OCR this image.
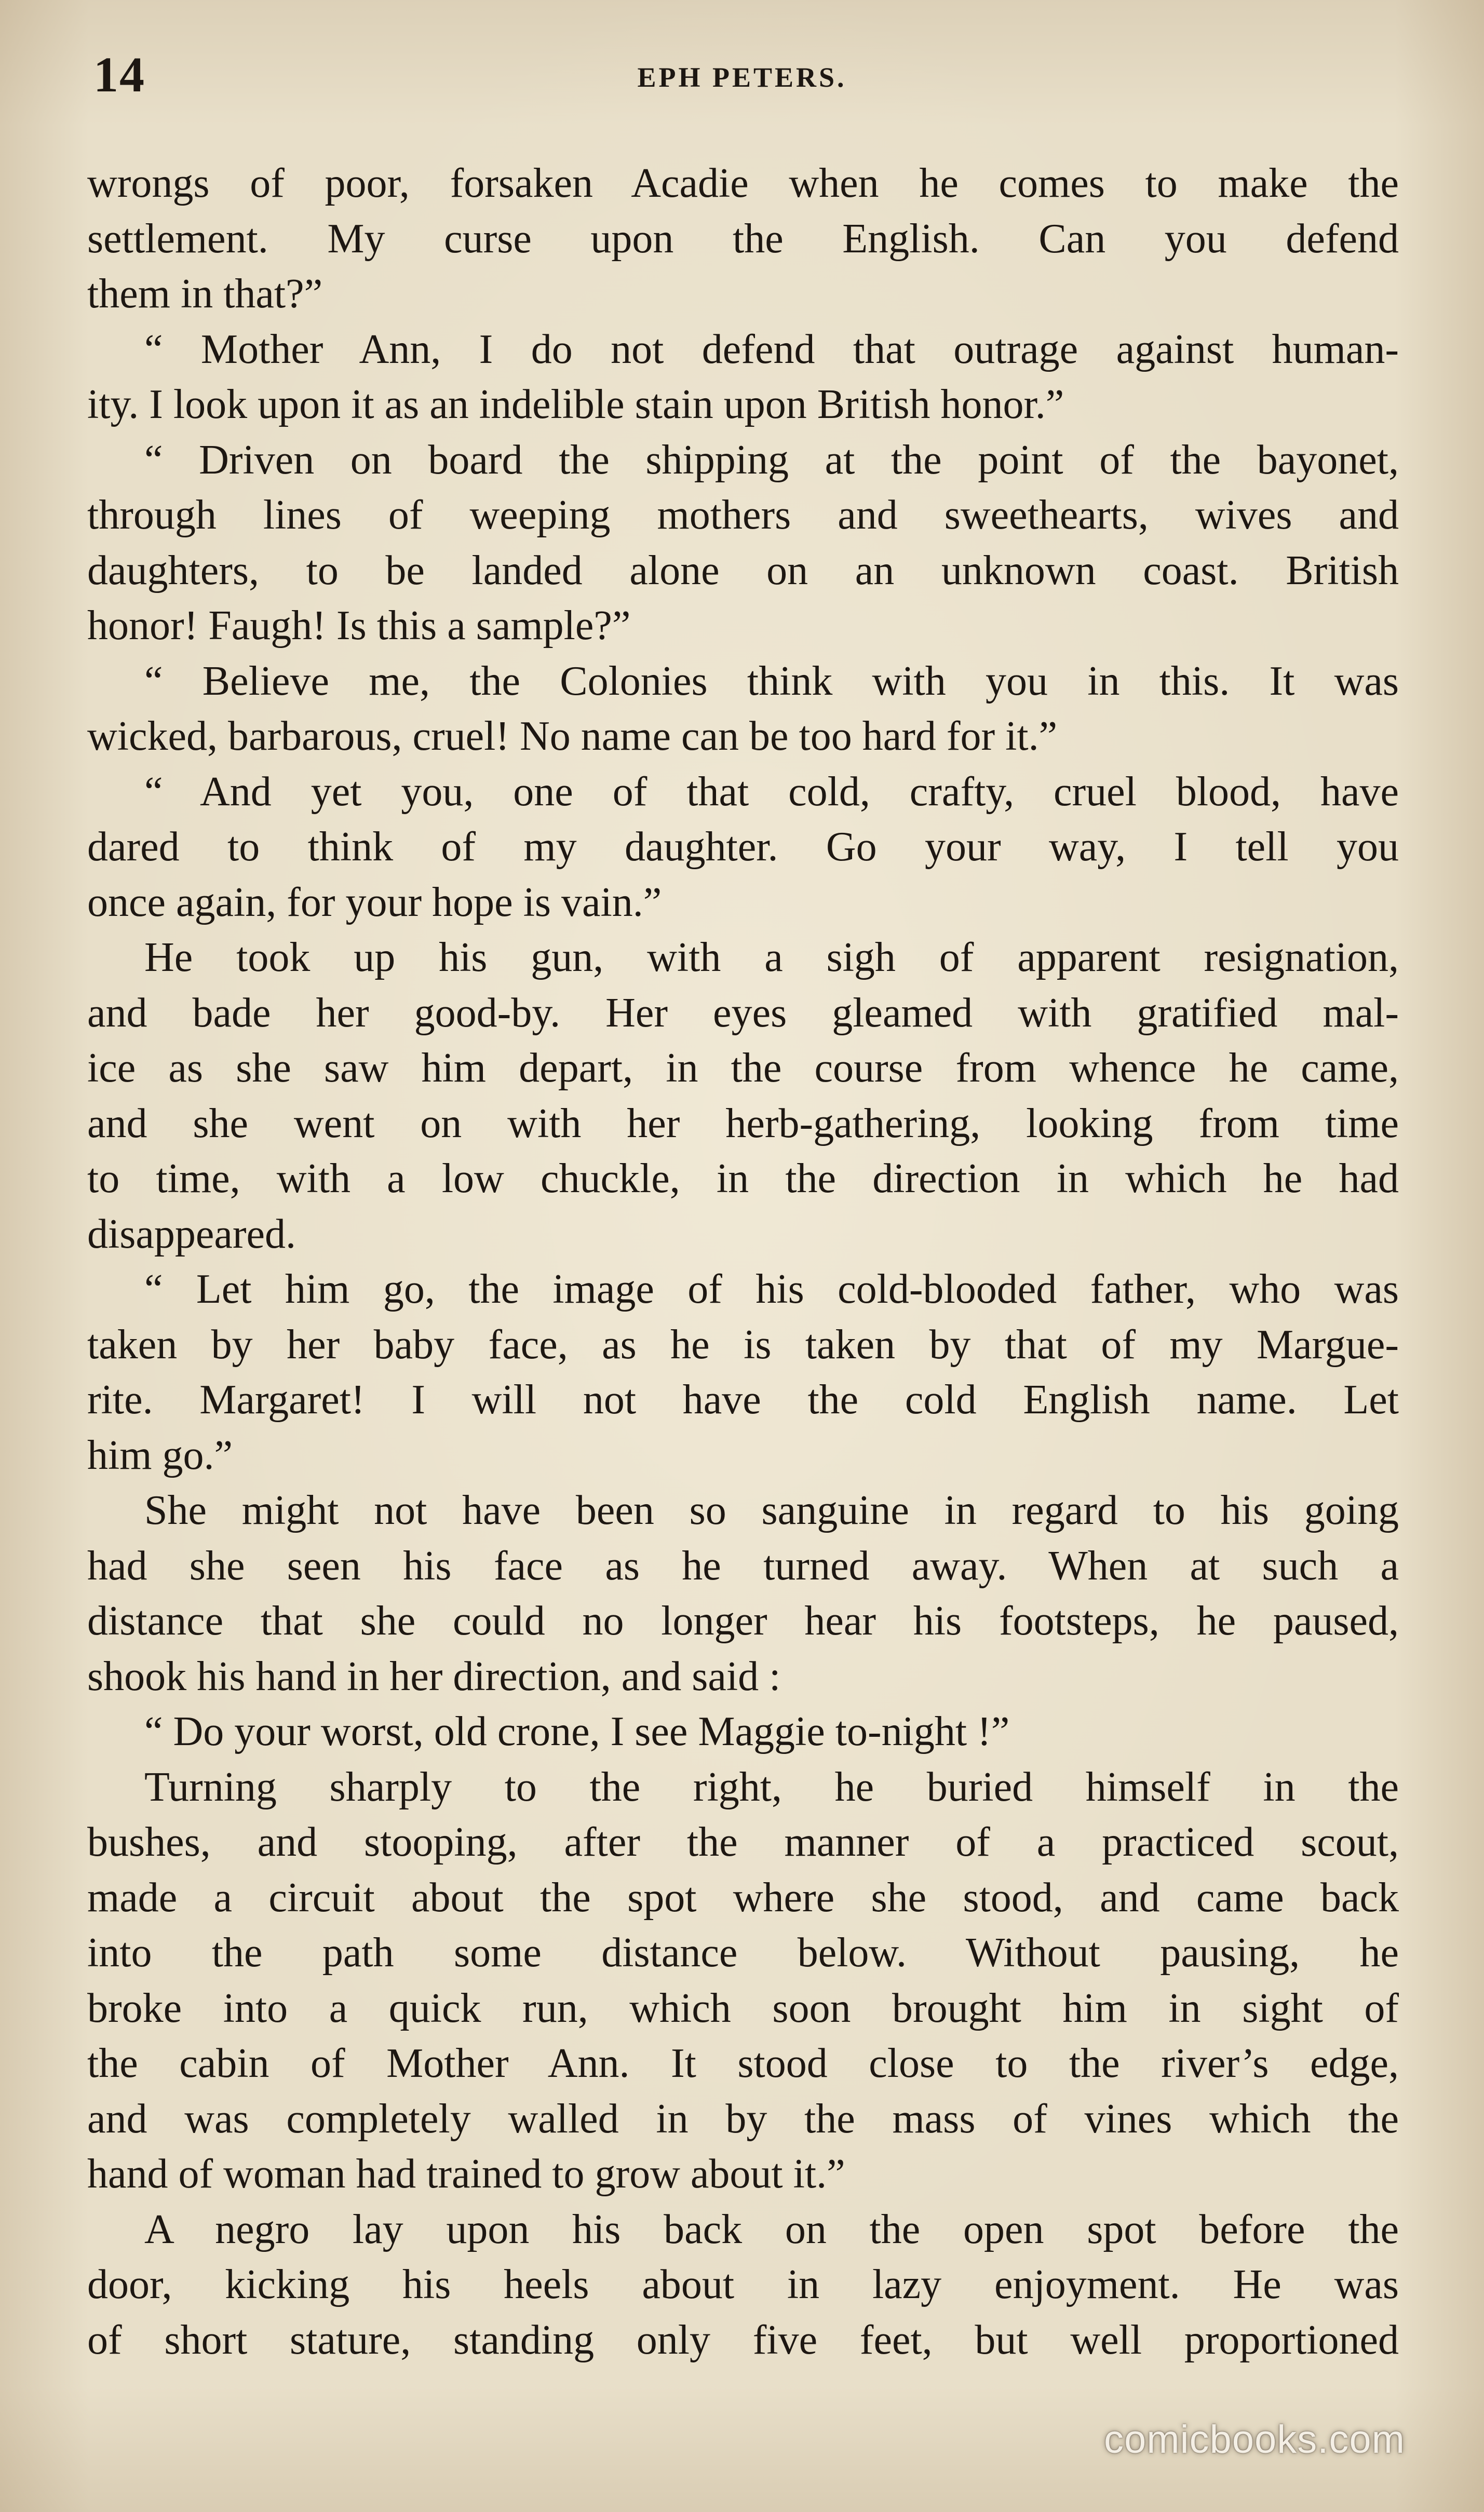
14	EPH PETERS.
wrongs of poor, forsaken Acadie when he comes to make the
settlement. My curse upon the English. Can you defend
them in that?”
“ Mother Ann, I do not defend that outrage against human-
ity. I look upon it as an indelible stain upon British honor.”
“ Driven on board the shipping at the point of the bayonet,
through lines of weeping mothers and sweethearts, wives and
daughters, to be landed alone on an unknown coast. British
honor! Faugh! Is this a sample?”
“ Believe me, the Colonies think with you in this. It was
wicked, barbarous, cruel! No name can be too hard for it.”
“ And yet you, one of that cold, crafty, cruel blood, have
dared to think of my daughter. Go your way, I tell you
once again, for your hope is vain.”
He took up his gun, with a sigh of apparent resignation,
and bade her good-by. Her eyes gleamed with gratified mal-
ice as she saw him depart, in the course from whence he came,
and she went on with her herb-gathering, looking from time
to time, with a low chuckle, in the direction in which he had
disappeared.
“ Let him go, the image of his cold-blooded father, who was
taken by her baby face, as he is taken by that of my Margue-
rite. Margaret! I will not have the cold English name. Let
him go.”
She might not have been so sanguine in regard to his going
had she seen his face as he turned away. When at such a
distance that she could no longer hear his footsteps, he paused,
shook his hand in her direction, and said :
“ Do your worst, old crone, I see Maggie to-night !”
Turning sharply to the right, he buried himself in the
bushes, and stooping, after the manner of a practiced scout,
made a circuit about the spot where she stood, and came back
into the path some distance below. Without pausing, he
broke into a quick run, which soon brought him in sight of
the cabin of Mother Ann. It stood close to the river’s edge,
and was completely walled in by the mass of vines which the
hand of woman had trained to grow about it.”
A negro lay upon his back on the open spot before the
door, kicking his heels about in lazy enjoyment. He was
of short stature, standing only five feet, but well proportioned
comicbooks.com
